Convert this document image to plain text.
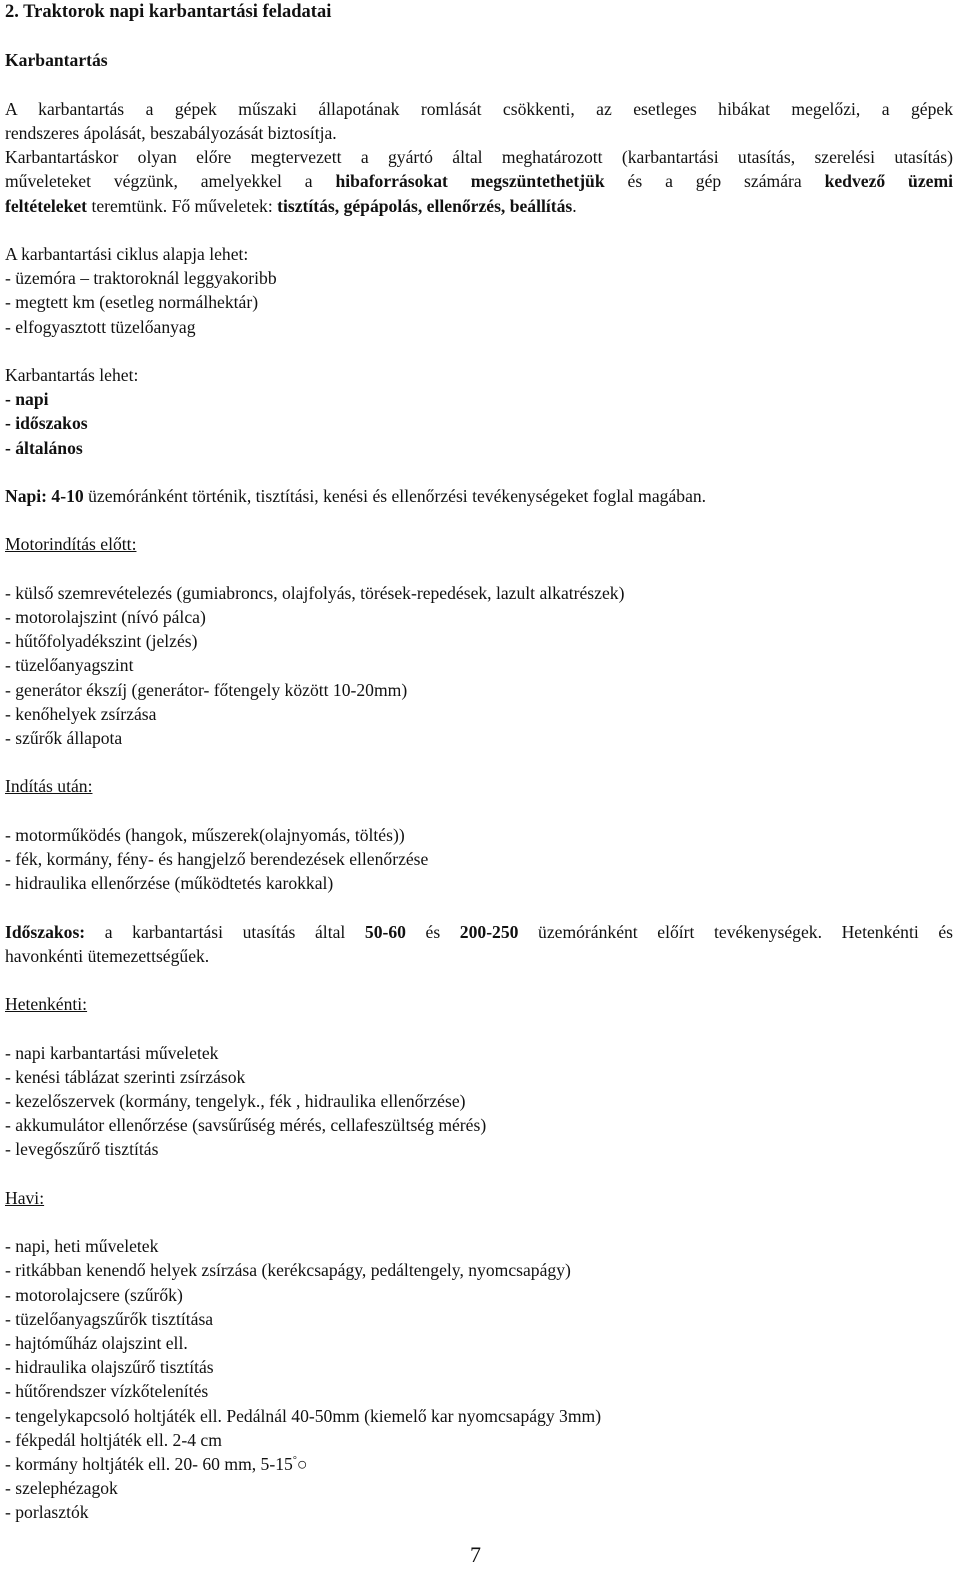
2. Traktorok napi karbantartási feladatai
Karbantartás
A karbantartás a gépek műszaki állapotának romlását csökkenti, az esetleges hibákat megelőzi, a gépek
rendszeres ápolását, beszabályozását biztosítja.
Karbantartáskor olyan előre megtervezett a gyártó által meghatározott (karbantartási utasítás, szerelési utasítás)
műveleteket végzünk, amelyekkel a hibaforrásokat megszüntethetjük és a gép számára kedvező üzemi
feltételeket teremtünk. Fő műveletek: tisztítás, gépápolás, ellenőrzés, beállítás.
A karbantartási ciklus alapja lehet:
- üzemóra – traktoroknál leggyakoribb
- megtett km (esetleg normálhektár)
- elfogyasztott tüzelőanyag
Karbantartás lehet:
- napi
- időszakos
- általános
Napi: 4-10 üzemóránként történik, tisztítási, kenési és ellenőrzési tevékenységeket foglal magában.
Motorindítás előtt:
- külső szemrevételezés (gumiabroncs, olajfolyás, törések-repedések, lazult alkatrészek)
- motorolajszint (nívó pálca)
- hűtőfolyadékszint (jelzés)
- tüzelőanyagszint
- generátor ékszíj (generátor- főtengely között 10-20mm)
- kenőhelyek zsírzása
- szűrők állapota
Indítás után:
- motorműködés (hangok, műszerek(olajnyomás, töltés))
- fék, kormány, fény- és hangjelző berendezések ellenőrzése
- hidraulika ellenőrzése (működtetés karokkal)
Időszakos: a karbantartási utasítás által 50-60 és 200-250 üzemóránként előírt tevékenységek. Hetenkénti és
havonkénti ütemezettségűek.
Hetenkénti:
- napi karbantartási műveletek
- kenési táblázat szerinti zsírzások
- kezelőszervek (kormány, tengelyk., fék , hidraulika ellenőrzése)
- akkumulátor ellenőrzése (savsűrűség mérés, cellafeszültség mérés)
- levegőszűrő tisztítás
Havi:
- napi, heti műveletek
- ritkábban kenendő helyek zsírzása (kerékcsapágy, pedáltengely, nyomcsapágy)
- motorolajcsere (szűrők)
- tüzelőanyagszűrők tisztítása
- hajtóműház olajszint ell.
- hidraulika olajszűrő tisztítás
- hűtőrendszer vízkőtelenítés
- tengelykapcsoló holtjáték ell. Pedálnál 40-50mm (kiemelő kar nyomcsapágy 3mm)
- fékpedál holtjáték ell. 2-4 cm
- kormány holtjáték ell. 20- 60 mm, 5-15°○
- szelephézagok
- porlasztók
7
